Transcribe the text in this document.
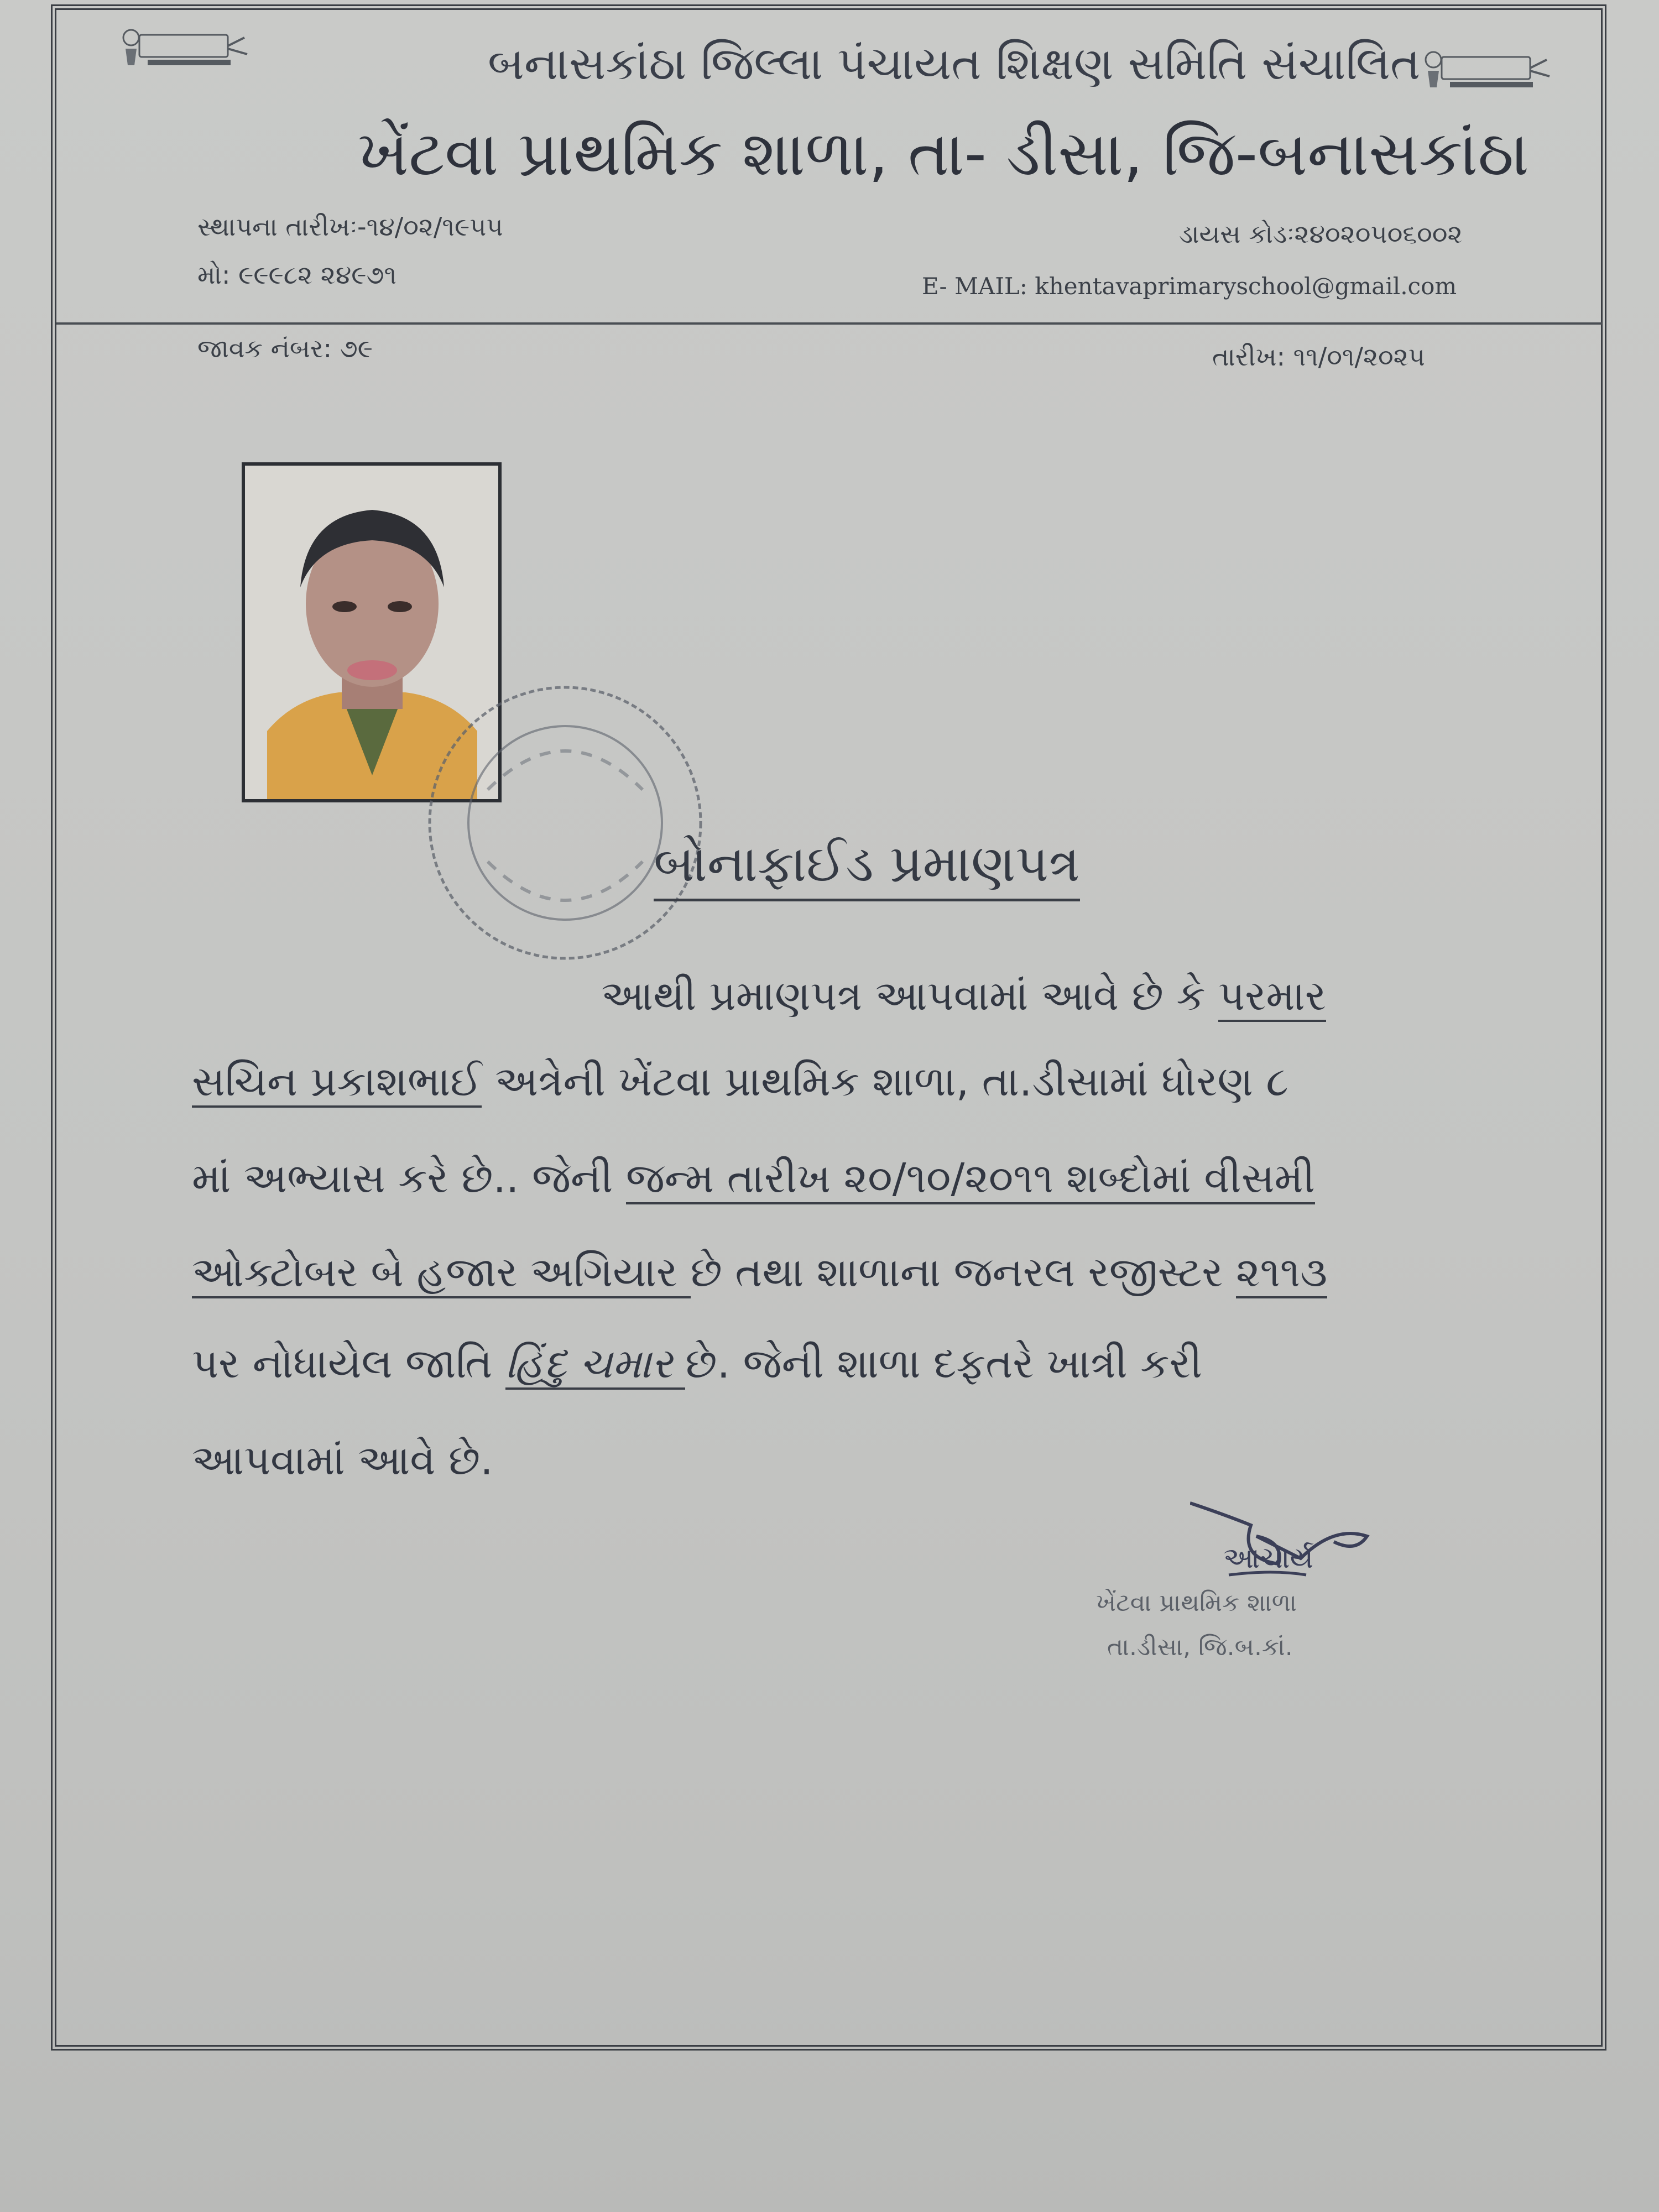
બનાસકાંઠા જિલ્લા પંચાયત શિક્ષણ સમિતિ સંચાલિત
ખેંટવા પ્રાથમિક શાળા, તા- ડીસા, જિ-બનાસકાંઠા
સ્થાપના તારીખઃ-૧૪/૦૨/૧૯૫૫	ડાયસ કોડઃ૨૪૦૨૦૫૦૬૦૦૨
મો: ૯૯૯૮૨ ૨૪૯૭૧	E- MAIL: khentavaprimaryschool@gmail.com
જાવક નંબર: ૭૯	તારીખ: ૧૧/૦૧/૨૦૨૫
બોનાફાઈડ પ્રમાણપત્ર
આથી પ્રમાણપત્ર આપવામાં આવે છે કે પરમાર
સચિન પ્રકાશભાઈ અત્રેની ખેંટવા પ્રાથમિક શાળા, તા.ડીસામાં ધોરણ ૮
માં અભ્યાસ કરે છે.. જેની જન્મ તારીખ ૨૦/૧૦/૨૦૧૧ શબ્દોમાં વીસમી
ઓક્ટોબર બે હજાર અગિયાર છે તથા શાળાના જનરલ રજીસ્ટર ૨૧૧૩
પર નોધાયેલ જાતિ હિંદુ ચમાર છે. જેની શાળા દફતરે ખાત્રી કરી
આપવામાં આવે છે.
આચાર્ય
ખેંટવા પ્રાથમિક શાળા
તા.ડીસા, જિ.બ.કાં.
